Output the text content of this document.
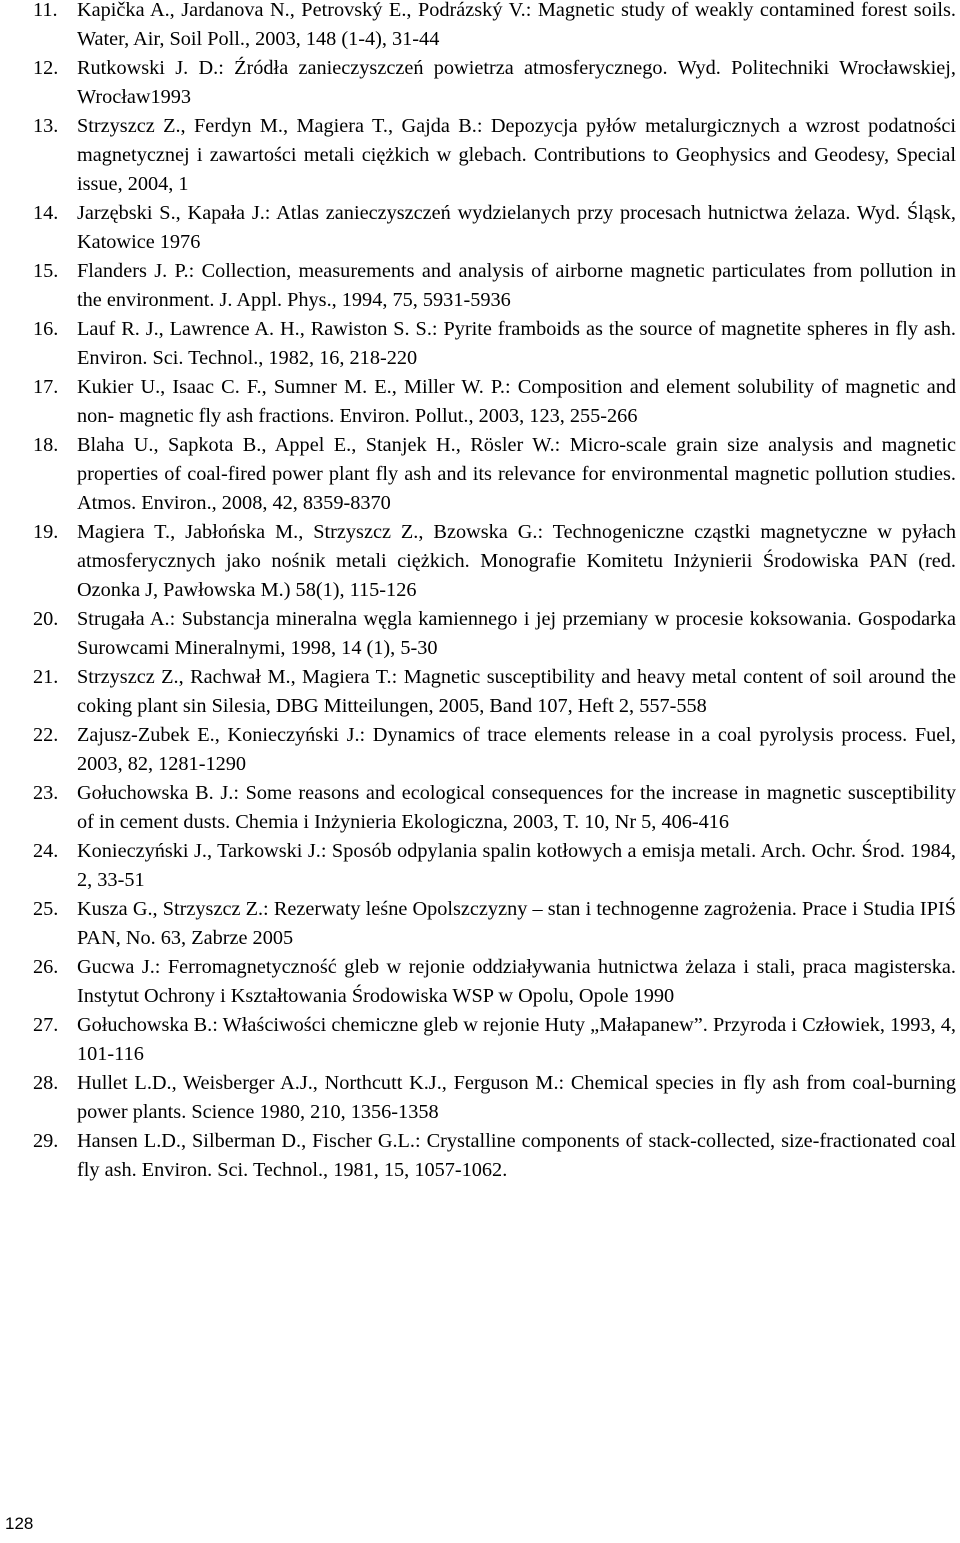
11. Kapička A., Jardanova N., Petrovský E., Podrázský V.: Magnetic study of weakly contamined forest soils. Water, Air, Soil Poll., 2003, 148 (1-4), 31-44
12. Rutkowski J. D.: Źródła zanieczyszczeń powietrza atmosferycznego. Wyd. Politechniki Wrocławskiej, Wrocław1993
13. Strzyszcz Z., Ferdyn M., Magiera T., Gajda B.: Depozycja pyłów metalurgicznych a wzrost podatności magnetycznej i zawartości metali ciężkich w glebach. Contributions to Geophysics and Geodesy, Special issue, 2004, 1
14. Jarzębski S., Kapała J.: Atlas zanieczyszczeń wydzielanych przy procesach hutnictwa żelaza. Wyd. Śląsk, Katowice 1976
15. Flanders J. P.: Collection, measurements and analysis of airborne magnetic particulates from pollution in the environment. J. Appl. Phys., 1994, 75, 5931-5936
16. Lauf R. J., Lawrence A. H., Rawiston S. S.: Pyrite framboids as the source of magnetite spheres in fly ash. Environ. Sci. Technol., 1982, 16, 218-220
17. Kukier U., Isaac C. F., Sumner M. E., Miller W. P.: Composition and element solubility of magnetic and non- magnetic fly ash fractions. Environ. Pollut., 2003, 123, 255-266
18. Blaha U., Sapkota B., Appel E., Stanjek H., Rösler W.: Micro-scale grain size analysis and magnetic properties of coal-fired power plant fly ash and its relevance for environmental magnetic pollution studies. Atmos. Environ., 2008, 42, 8359-8370
19. Magiera T., Jabłońska M., Strzyszcz Z., Bzowska G.: Technogeniczne cząstki magnetyczne w pyłach atmosferycznych jako nośnik metali ciężkich. Monografie Komitetu Inżynierii Środowiska PAN (red. Ozonka J, Pawłowska M.) 58(1), 115-126
20. Strugała A.: Substancja mineralna węgla kamiennego i jej przemiany w procesie koksowania. Gospodarka Surowcami Mineralnymi, 1998, 14 (1), 5-30
21. Strzyszcz Z., Rachwał M., Magiera T.: Magnetic susceptibility and heavy metal content of soil around the coking plant sin Silesia, DBG Mitteilungen, 2005, Band 107, Heft 2, 557-558
22. Zajusz-Zubek E., Konieczyński J.: Dynamics of trace elements release in a coal pyrolysis process. Fuel, 2003, 82, 1281-1290
23. Gołuchowska B. J.: Some reasons and ecological consequences for the increase in magnetic susceptibility of in cement dusts. Chemia i Inżynieria Ekologiczna, 2003, T. 10, Nr 5, 406-416
24. Konieczyński J., Tarkowski J.: Sposób odpylania spalin kotłowych a emisja metali. Arch. Ochr. Środ. 1984, 2, 33-51
25. Kusza G., Strzyszcz Z.: Rezerwaty leśne Opolszczyzny – stan i technogenne zagrożenia. Prace i Studia IPIŚ PAN, No. 63, Zabrze 2005
26. Gucwa J.: Ferromagnetyczność gleb w rejonie oddziaływania hutnictwa żelaza i stali, praca magisterska. Instytut Ochrony i Kształtowania Środowiska WSP w Opolu, Opole 1990
27. Gołuchowska B.: Właściwości chemiczne gleb w rejonie Huty „Małapanew”. Przyroda i Człowiek, 1993, 4, 101-116
28. Hullet L.D., Weisberger A.J., Northcutt K.J., Ferguson M.: Chemical species in fly ash from coal-burning power plants. Science 1980, 210, 1356-1358
29. Hansen L.D., Silberman D., Fischer G.L.: Crystalline components of stack-collected, size-fractionated coal fly ash. Environ. Sci. Technol., 1981, 15, 1057-1062.
128
